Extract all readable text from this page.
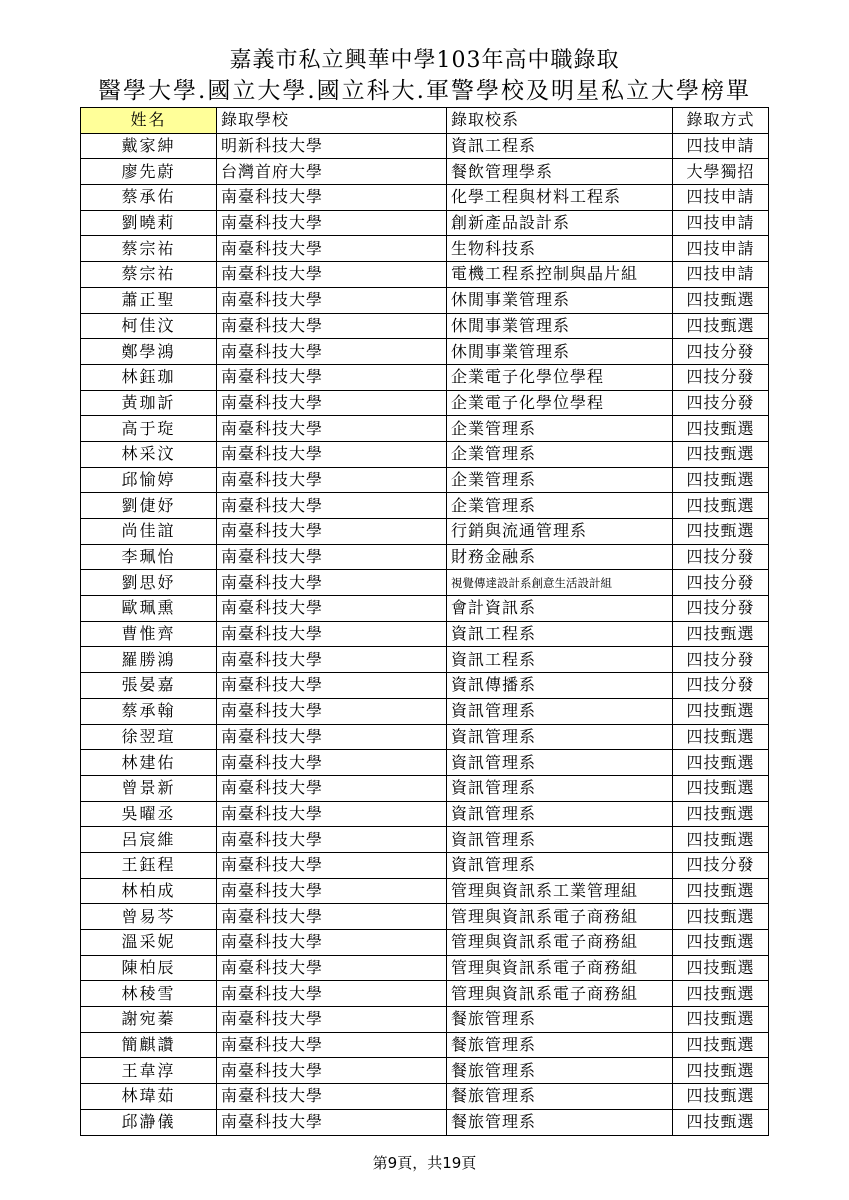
嘉義市私立興華中學103年高中職錄取
醫學大學.國立大學.國立科大.軍警學校及明星私立大學榜單
姓名	錄取學校	錄取校系	錄取方式
戴家紳	明新科技大學	資訊工程系	四技申請
廖先蔚	台灣首府大學	餐飲管理學系	大學獨招
蔡承佑	南臺科技大學	化學工程與材料工程系	四技申請
劉曉莉	南臺科技大學	創新產品設計系	四技申請
蔡宗祐	南臺科技大學	生物科技系	四技申請
蔡宗祐	南臺科技大學	電機工程系控制與晶片組	四技申請
蕭正聖	南臺科技大學	休閒事業管理系	四技甄選
柯佳汶	南臺科技大學	休閒事業管理系	四技甄選
鄭學鴻	南臺科技大學	休閒事業管理系	四技分發
林鈺珈	南臺科技大學	企業電子化學位學程	四技分發
黃珈訢	南臺科技大學	企業電子化學位學程	四技分發
高于琁	南臺科技大學	企業管理系	四技甄選
林采汶	南臺科技大學	企業管理系	四技甄選
邱愉婷	南臺科技大學	企業管理系	四技甄選
劉倢妤	南臺科技大學	企業管理系	四技甄選
尚佳誼	南臺科技大學	行銷與流通管理系	四技甄選
李珮怡	南臺科技大學	財務金融系	四技分發
劉思妤	南臺科技大學	視覺傳達設計系創意生活設計組	四技分發
歐珮熏	南臺科技大學	會計資訊系	四技分發
曹惟齊	南臺科技大學	資訊工程系	四技甄選
羅勝鴻	南臺科技大學	資訊工程系	四技分發
張晏嘉	南臺科技大學	資訊傳播系	四技分發
蔡承翰	南臺科技大學	資訊管理系	四技甄選
徐翌瑄	南臺科技大學	資訊管理系	四技甄選
林建佑	南臺科技大學	資訊管理系	四技甄選
曾景新	南臺科技大學	資訊管理系	四技甄選
吳曜丞	南臺科技大學	資訊管理系	四技甄選
呂宸維	南臺科技大學	資訊管理系	四技甄選
王鈺程	南臺科技大學	資訊管理系	四技分發
林柏成	南臺科技大學	管理與資訊系工業管理組	四技甄選
曾易芩	南臺科技大學	管理與資訊系電子商務組	四技甄選
溫采妮	南臺科技大學	管理與資訊系電子商務組	四技甄選
陳柏辰	南臺科技大學	管理與資訊系電子商務組	四技甄選
林稜雪	南臺科技大學	管理與資訊系電子商務組	四技甄選
謝宛蓁	南臺科技大學	餐旅管理系	四技甄選
簡麒讚	南臺科技大學	餐旅管理系	四技甄選
王韋淳	南臺科技大學	餐旅管理系	四技甄選
林瑋茹	南臺科技大學	餐旅管理系	四技甄選
邱瀞儀	南臺科技大學	餐旅管理系	四技甄選
第9頁，共19頁
